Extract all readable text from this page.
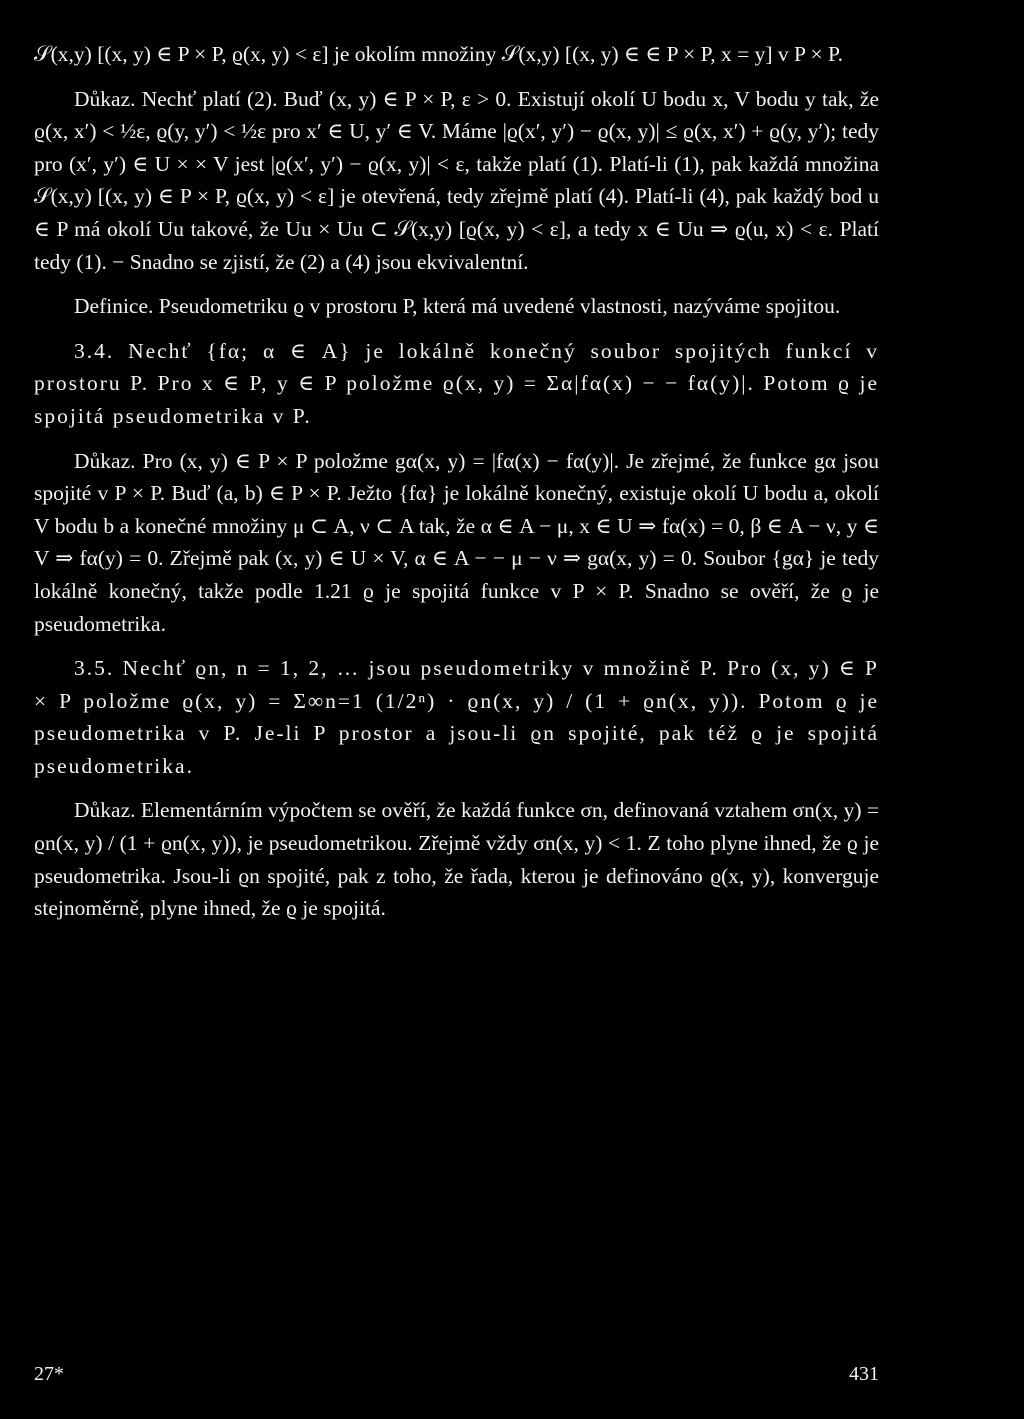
𝒮(x,y) [(x, y) ∈ P × P, ϱ(x, y) < ε] je okolím množiny 𝒮(x,y) [(x, y) ∈ ∈ P × P, x = y] v P × P.

Důkaz. Nechť platí (2). Buď (x, y) ∈ P × P, ε > 0. Existují okolí U bodu x, V bodu y tak, že ϱ(x, x′) < ½ε, ϱ(y, y′) < ½ε pro x′ ∈ U, y′ ∈ V. Máme |ϱ(x′, y′) − ϱ(x, y)| ≤ ϱ(x, x′) + ϱ(y, y′); tedy pro (x′, y′) ∈ U × × V jest |ϱ(x′, y′) − ϱ(x, y)| < ε, takže platí (1). Platí-li (1), pak každá množina 𝒮(x,y) [(x, y) ∈ P × P, ϱ(x, y) < ε] je otevřená, tedy zřejmě platí (4). Platí-li (4), pak každý bod u ∈ P má okolí Uu takové, že Uu × Uu ⊂ 𝒮(x,y) [ϱ(x, y) < ε], a tedy x ∈ Uu ⇒ ϱ(u, x) < ε. Platí tedy (1). − Snadno se zjistí, že (2) a (4) jsou ekvivalentní.

Definice. Pseudometriku ϱ v prostoru P, která má uvedené vlastnosti, nazýváme spojitou.

3.4. Nechť {fα; α ∈ A} je lokálně konečný soubor spojitých funkcí v prostoru P. Pro x ∈ P, y ∈ P položme ϱ(x, y) = Σα|fα(x) − − fα(y)|. Potom ϱ je spojitá pseudometrika v P.

Důkaz. Pro (x, y) ∈ P × P položme gα(x, y) = |fα(x) − fα(y)|. Je zřejmé, že funkce gα jsou spojité v P × P. Buď (a, b) ∈ P × P. Ježto {fα} je lokálně konečný, existuje okolí U bodu a, okolí V bodu b a konečné množiny μ ⊂ A, ν ⊂ A tak, že α ∈ A − μ, x ∈ U ⇒ fα(x) = 0, β ∈ A − ν, y ∈ V ⇒ fα(y) = 0. Zřejmě pak (x, y) ∈ U × V, α ∈ A − − μ − ν ⇒ gα(x, y) = 0. Soubor {gα} je tedy lokálně konečný, takže podle 1.21 ϱ je spojitá funkce v P × P. Snadno se ověří, že ϱ je pseudometrika.

3.5. Nechť ϱn, n = 1, 2, … jsou pseudometriky v množině P. Pro (x, y) ∈ P × P položme ϱ(x, y) = Σ∞n=1 (1/2ⁿ) · ϱn(x, y) / (1 + ϱn(x, y)). Potom ϱ je pseudometrika v P. Je-li P prostor a jsou-li ϱn spojité, pak též ϱ je spojitá pseudometrika.

Důkaz. Elementárním výpočtem se ověří, že každá funkce σn, definovaná vztahem σn(x, y) = ϱn(x, y) / (1 + ϱn(x, y)), je pseudometrikou. Zřejmě vždy σn(x, y) < 1. Z toho plyne ihned, že ϱ je pseudometrika. Jsou-li ϱn spojité, pak z toho, že řada, kterou je definováno ϱ(x, y), konverguje stejnoměrně, plyne ihned, že ϱ je spojitá.

27*	431
